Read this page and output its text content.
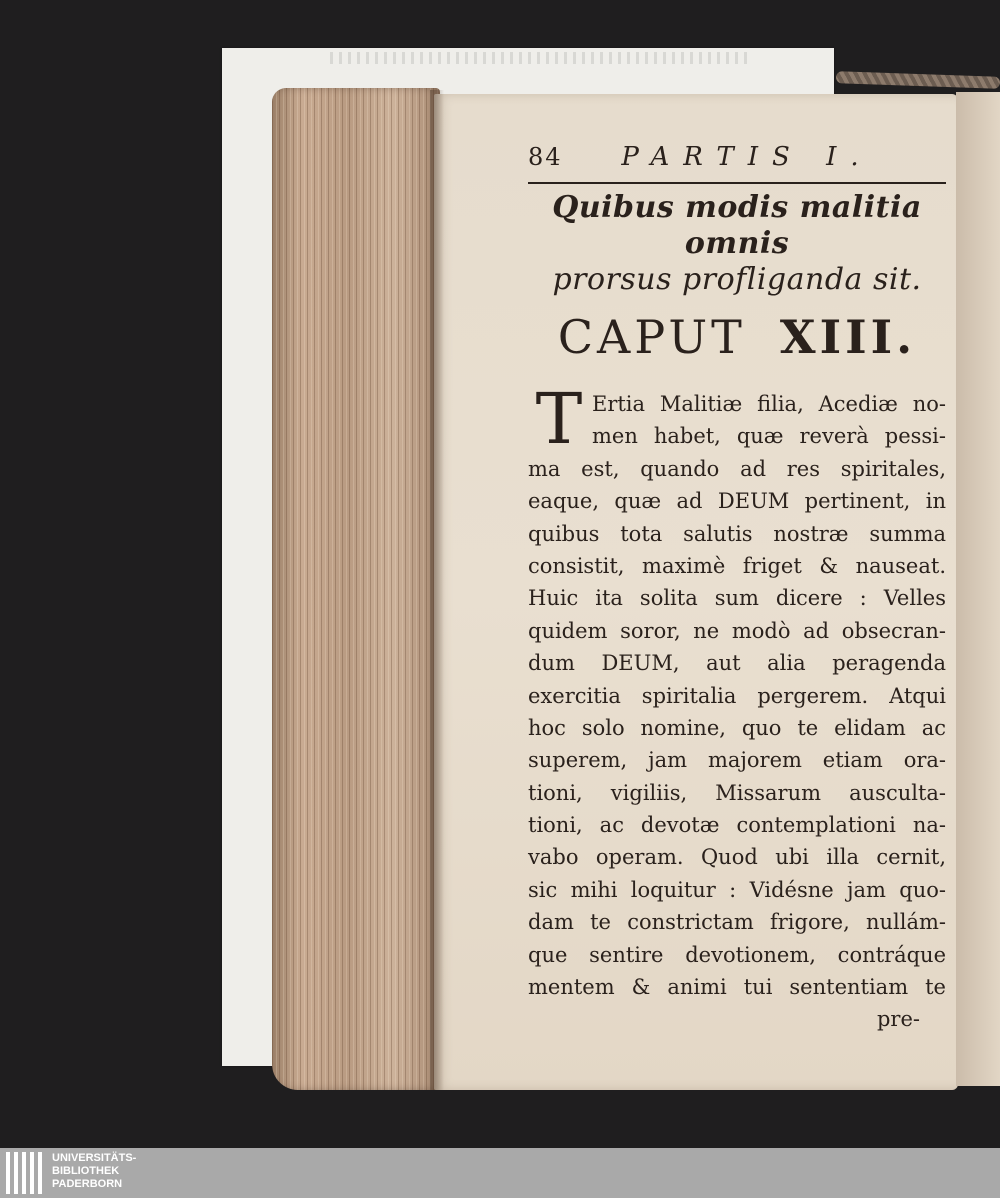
84	PARTIS I.
Quibus modis malitia omnis
prorsus profliganda sit.
CAPUT XIII.
T Ertia Malitiæ filia, Acediæ no-
men habet, quæ reverà pessi-
ma est, quando ad res spiritales,
eaque, quæ ad DEUM pertinent, in
quibus tota salutis nostræ summa
consistit, maximè friget & nauseat.
Huic ita solita sum dicere : Velles
quidem soror, ne modò ad obsecran-
dum DEUM, aut alia peragenda
exercitia spiritalia pergerem. Atqui
hoc solo nomine, quo te elidam ac
superem, jam majorem etiam ora-
tioni, vigiliis, Missarum ausculta-
tioni, ac devotæ contemplationi na-
vabo operam. Quod ubi illa cernit,
sic mihi loquitur : Vidésne jam quo-
dam te constrictam frigore, nullám-
que sentire devotionem, contráque
mentem & animi tui sententiam te
pre-
UNIVERSITÄTS-
BIBLIOTHEK
PADERBORN
